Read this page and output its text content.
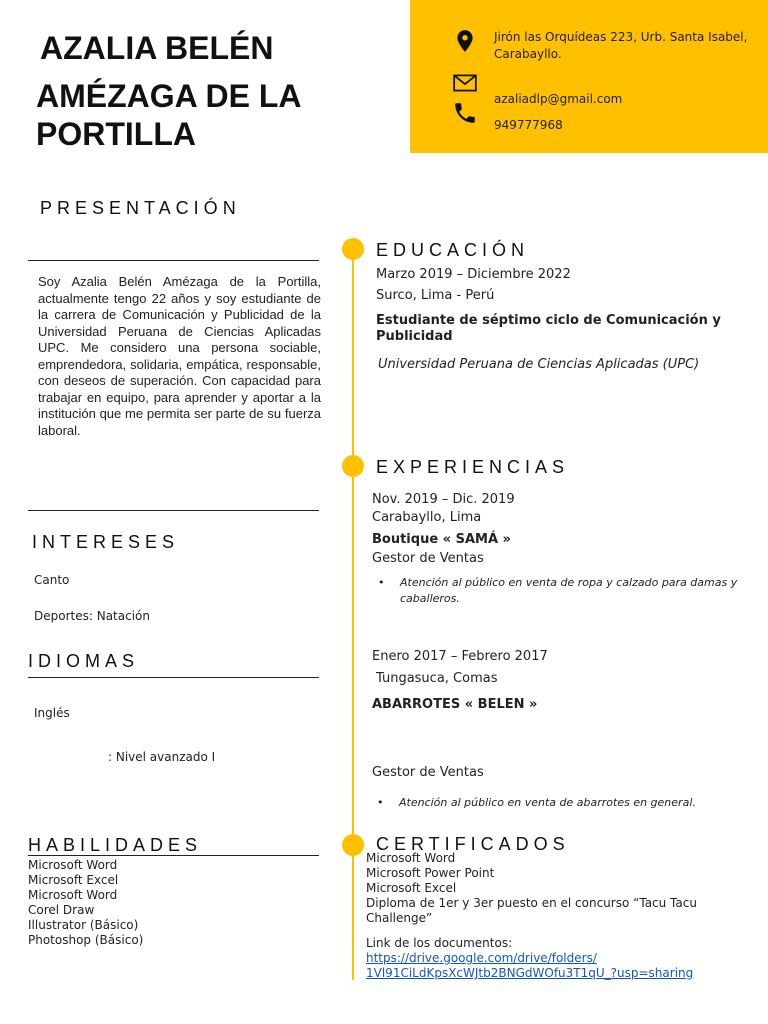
AZALIA BELÉN
AMÉZAGA DE LA
PORTILLA
Jirón las Orquídeas 223, Urb. Santa Isabel,
Carabayllo.
azaliadlp@gmail.com
949777968
PRESENTACIÓN
Soy Azalia Belén Amézaga de la Portilla, actualmente tengo 22 años y soy estudiante de la carrera de Comunicación y Publicidad de la Universidad Peruana de Ciencias Aplicadas UPC. Me considero una persona sociable, emprendedora, solidaria, empática, responsable, con deseos de superación. Con capacidad para trabajar en equipo, para aprender y aportar a la institución que me permita ser parte de su fuerza laboral.
INTERESES
Canto
Deportes: Natación
IDIOMAS
Inglés
: Nivel avanzado I
HABILIDADES
Microsoft Word
Microsoft Excel
Microsoft Word
Corel Draw
Illustrator (Básico)
Photoshop (Básico)
EDUCACIÓN
Marzo 2019 – Diciembre 2022
Surco, Lima - Perú
Estudiante de séptimo ciclo de Comunicación y Publicidad
Universidad Peruana de Ciencias Aplicadas (UPC)
EXPERIENCIAS
Nov. 2019 – Dic. 2019
Carabayllo, Lima
Boutique « SAMÁ »
Gestor de Ventas
• Atención al público en venta de ropa y calzado para damas y caballeros.
Enero 2017 – Febrero 2017
Tungasuca, Comas
ABARROTES « BELEN »
Gestor de Ventas
• Atención al público en venta de abarrotes en general.
CERTIFICADOS
Microsoft Word
Microsoft Power Point
Microsoft Excel
Diploma de 1er y 3er puesto en el concurso “Tacu Tacu Challenge”
Link de los documentos:
https://drive.google.com/drive/folders/
1Vl91CiLdKpsXcWJtb2BNGdWOfu3T1qU_?usp=sharing
